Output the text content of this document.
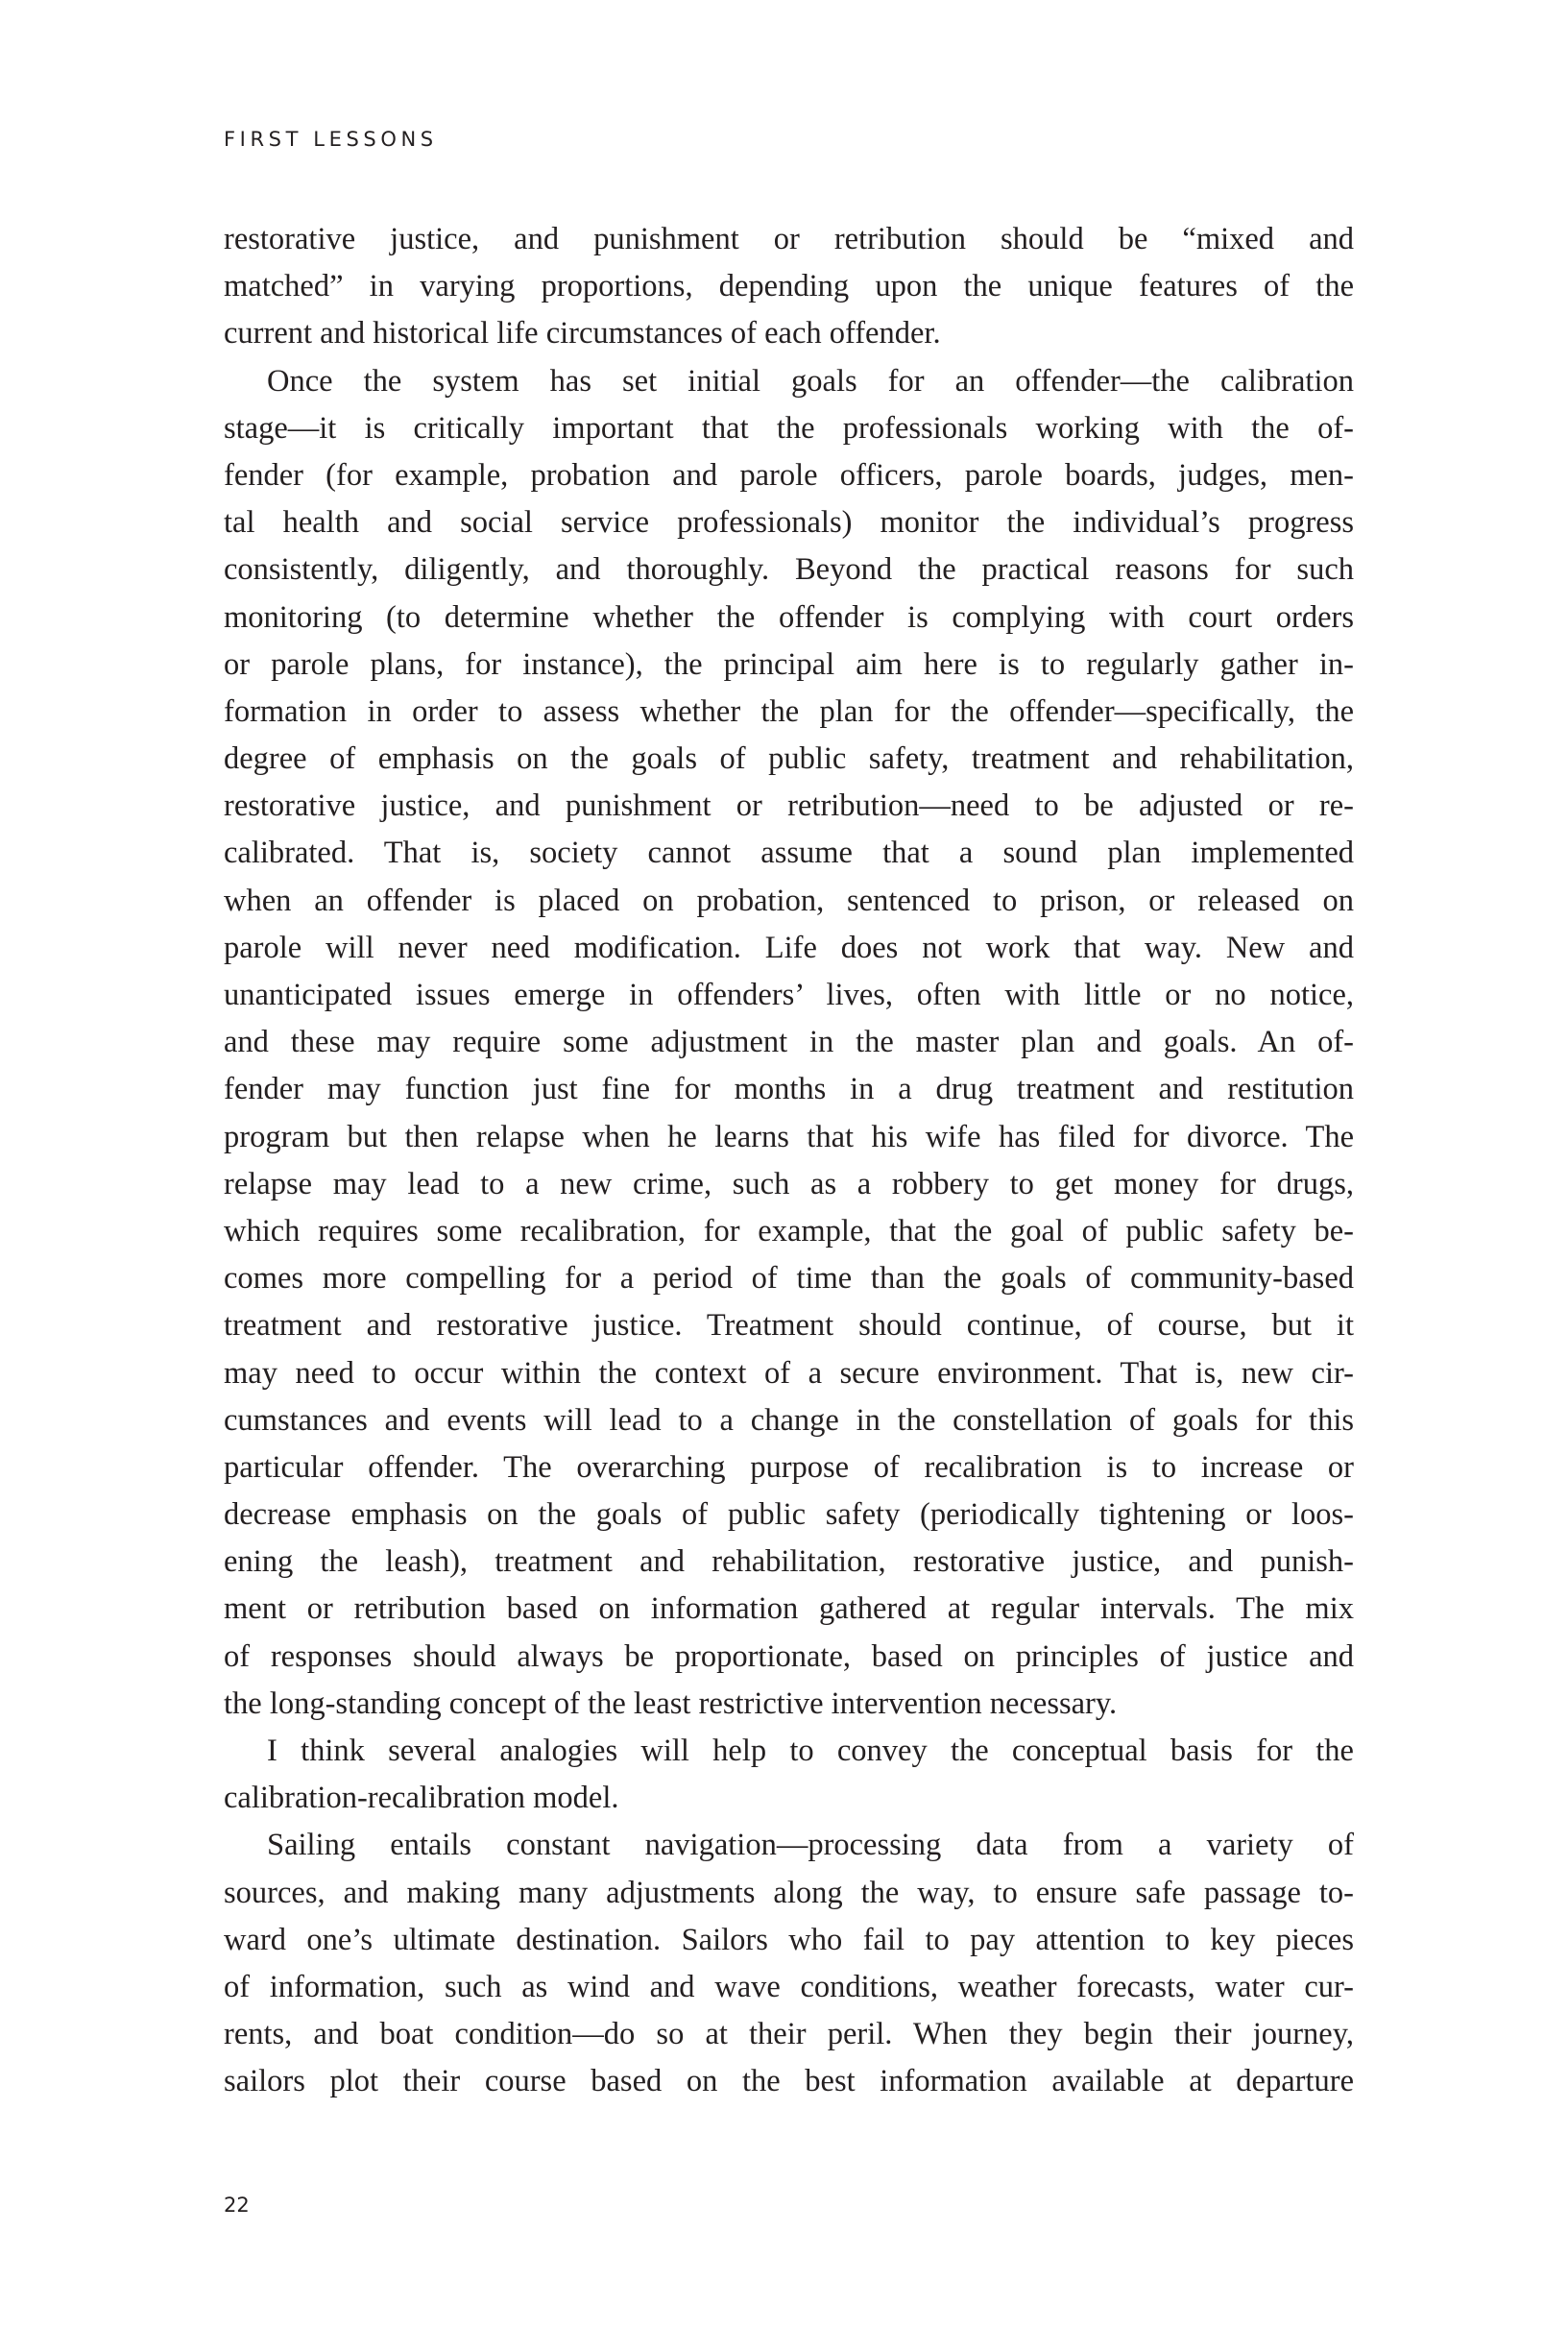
FIRST LESSONS
restorative justice, and punishment or retribution should be “mixed and
matched” in varying proportions, depending upon the unique features of the
current and historical life circumstances of each offender.
Once the system has set initial goals for an offender—the calibration
stage—it is critically important that the professionals working with the of-
fender (for example, probation and parole officers, parole boards, judges, men-
tal health and social service professionals) monitor the individual’s progress
consistently, diligently, and thoroughly. Beyond the practical reasons for such
monitoring (to determine whether the offender is complying with court orders
or parole plans, for instance), the principal aim here is to regularly gather in-
formation in order to assess whether the plan for the offender—specifically, the
degree of emphasis on the goals of public safety, treatment and rehabilitation,
restorative justice, and punishment or retribution—need to be adjusted or re-
calibrated. That is, society cannot assume that a sound plan implemented
when an offender is placed on probation, sentenced to prison, or released on
parole will never need modification. Life does not work that way. New and
unanticipated issues emerge in offenders’ lives, often with little or no notice,
and these may require some adjustment in the master plan and goals. An of-
fender may function just fine for months in a drug treatment and restitution
program but then relapse when he learns that his wife has filed for divorce. The
relapse may lead to a new crime, such as a robbery to get money for drugs,
which requires some recalibration, for example, that the goal of public safety be-
comes more compelling for a period of time than the goals of community-based
treatment and restorative justice. Treatment should continue, of course, but it
may need to occur within the context of a secure environment. That is, new cir-
cumstances and events will lead to a change in the constellation of goals for this
particular offender. The overarching purpose of recalibration is to increase or
decrease emphasis on the goals of public safety (periodically tightening or loos-
ening the leash), treatment and rehabilitation, restorative justice, and punish-
ment or retribution based on information gathered at regular intervals. The mix
of responses should always be proportionate, based on principles of justice and
the long-standing concept of the least restrictive intervention necessary.
I think several analogies will help to convey the conceptual basis for the
calibration-recalibration model.
Sailing entails constant navigation—processing data from a variety of
sources, and making many adjustments along the way, to ensure safe passage to-
ward one’s ultimate destination. Sailors who fail to pay attention to key pieces
of information, such as wind and wave conditions, weather forecasts, water cur-
rents, and boat condition—do so at their peril. When they begin their journey,
sailors plot their course based on the best information available at departure
22
